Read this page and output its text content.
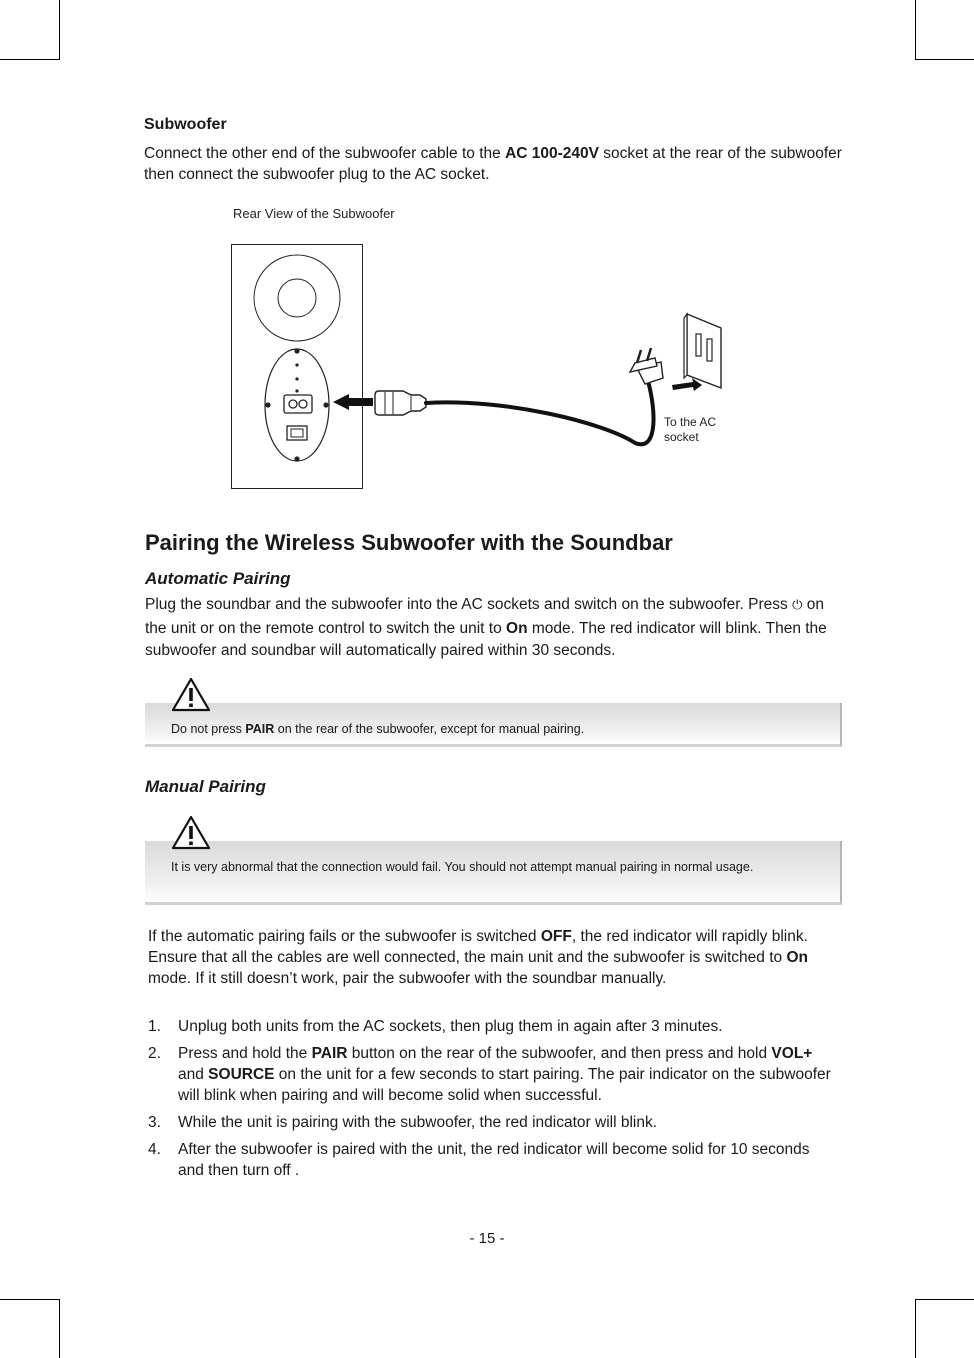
Subwoofer
Connect the other end of the subwoofer cable to the AC 100-240V socket at the rear of the subwoofer then connect the subwoofer plug to the AC socket.
Rear View of the Subwoofer
To the AC
socket
Pairing the Wireless Subwoofer with the Soundbar
Automatic Pairing
Plug the soundbar and the subwoofer into the AC sockets and switch on the subwoofer. Press ⏻ on the unit or on the remote control to switch the unit to On mode. The red indicator will blink. Then the subwoofer and soundbar will automatically paired within 30 seconds.
Do not press PAIR on the rear of the subwoofer, except for manual pairing.
Manual Pairing
It is very abnormal that the connection would fail. You should not attempt manual pairing in normal usage.
If the automatic pairing fails or the subwoofer is switched OFF, the red indicator will rapidly blink. Ensure that all the cables are well connected, the main unit and the subwoofer is switched to On mode. If it still doesn’t work, pair the subwoofer with the soundbar manually.
1. Unplug both units from the AC sockets, then plug them in again after 3 minutes.
2. Press and hold the PAIR button on the rear of the subwoofer, and then press and hold VOL+ and SOURCE on the unit for a few seconds to start pairing. The pair indicator on the subwoofer will blink when pairing and will become solid when successful.
3. While the unit is pairing with the subwoofer, the red indicator will blink.
4. After the subwoofer is paired with the unit, the red indicator will become solid for 10 seconds and then turn off .
- 15 -
